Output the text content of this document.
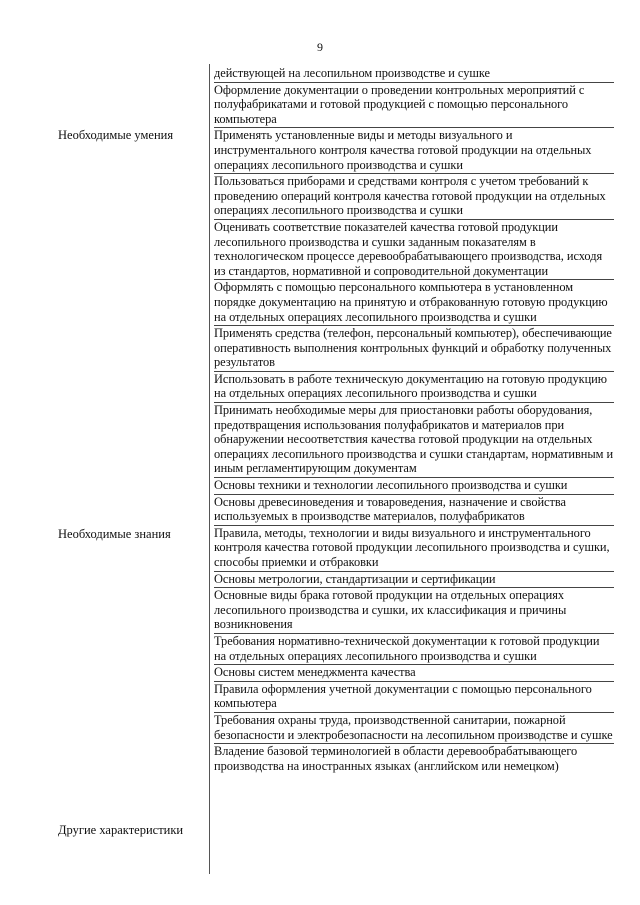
9
Необходимые умения
Необходимые знания
Другие характеристики
действующей на лесопильном производстве и сушке
Оформление документации о проведении контрольных мероприятий с полуфабрикатами и готовой продукцией с помощью персонального компьютера
Применять установленные виды и методы визуального и инструментального контроля качества готовой продукции на отдельных операциях лесопильного производства и сушки
Пользоваться приборами и средствами контроля с учетом требований к проведению операций контроля качества готовой продукции на отдельных операциях лесопильного производства и сушки
Оценивать соответствие показателей качества готовой продукции лесопильного производства и сушки заданным показателям в технологическом процессе деревообрабатывающего производства, исходя из стандартов, нормативной и сопроводительной документации
Оформлять с помощью персонального компьютера в установленном порядке документацию на принятую и отбракованную готовую продукцию на отдельных операциях лесопильного производства и сушки
Применять средства (телефон, персональный компьютер), обеспечивающие оперативность выполнения контрольных функций и обработку полученных результатов
Использовать в работе техническую документацию на готовую продукцию на отдельных операциях лесопильного производства и сушки
Принимать необходимые меры для приостановки работы оборудования, предотвращения использования полуфабрикатов и материалов при обнаружении несоответствия качества готовой продукции на отдельных операциях лесопильного производства и сушки стандартам, нормативным и иным регламентирующим документам
Основы техники и технологии лесопильного производства и сушки
Основы древесиноведения и товароведения, назначение и свойства используемых в производстве материалов, полуфабрикатов
Правила, методы, технологии и виды визуального и инструментального контроля качества готовой продукции лесопильного производства и сушки, способы приемки и отбраковки
Основы метрологии, стандартизации и сертификации
Основные виды брака готовой продукции на отдельных операциях лесопильного производства и сушки, их классификация и причины возникновения
Требования нормативно-технической документации к готовой продукции на отдельных операциях лесопильного производства и сушки
Основы систем менеджмента качества
Правила оформления учетной документации с помощью персонального компьютера
Требования охраны труда, производственной санитарии, пожарной безопасности и электробезопасности на лесопильном производстве и сушке
Владение базовой терминологией в области деревообрабатывающего производства на иностранных языках (английском или немецком)
